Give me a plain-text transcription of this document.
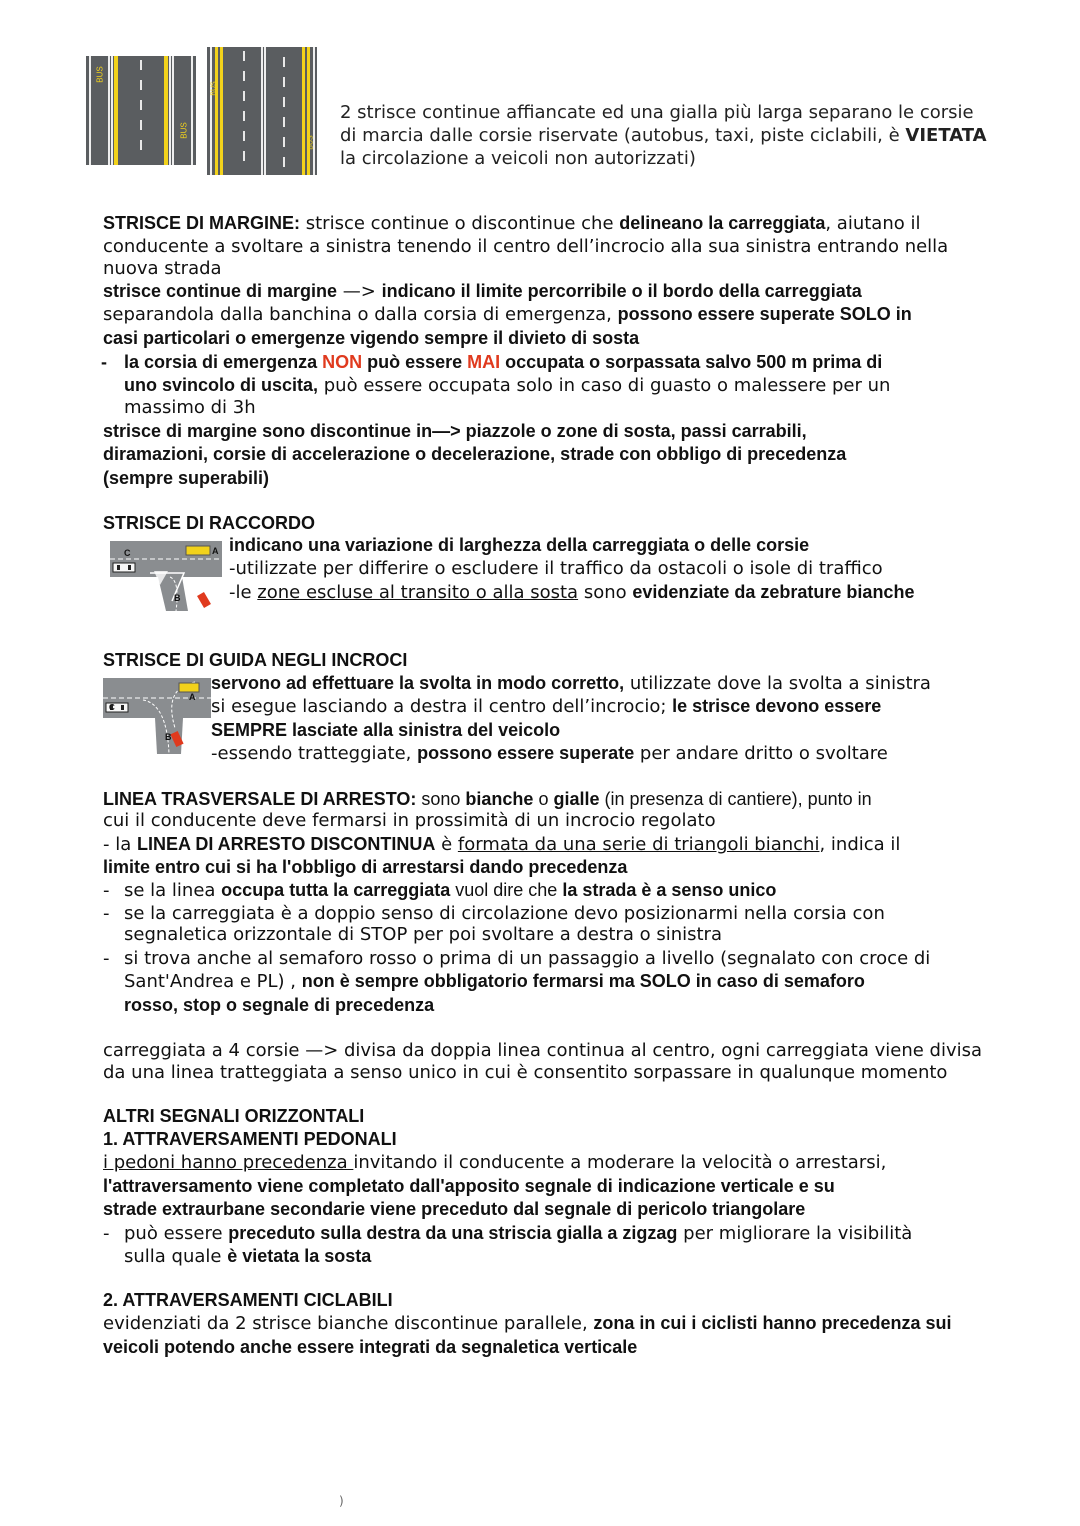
BUS
BUS
BUS
BUS
2 strisce continue affiancate ed una gialla più larga separano le corsie
di marcia dalle corsie riservate (autobus, taxi, piste ciclabili, è VIETATA
la circolazione a veicoli non autorizzati)
STRISCE DI MARGINE: strisce continue o discontinue che delineano la carreggiata, aiutano il
conducente a svoltare a sinistra tenendo il centro dell’incrocio alla sua sinistra entrando nella
nuova strada
strisce continue di margine —> indicano il limite percorribile o il bordo della carreggiata
separandola dalla banchina o dalla corsia di emergenza, possono essere superate SOLO in
casi particolari o emergenze vigendo sempre il divieto di sosta
- la corsia di emergenza NON può essere MAI occupata o sorpassata salvo 500 m prima di
uno svincolo di uscita, può essere occupata solo in caso di guasto o malessere per un
massimo di 3h
strisce di margine sono discontinue in—> piazzole o zone di sosta, passi carrabili,
diramazioni, corsie di accelerazione o decelerazione, strade con obbligo di precedenza
(sempre superabili)
STRISCE DI RACCORDO
C	A
B
indicano una variazione di larghezza della carreggiata o delle corsie
-utilizzate per differire o escludere il traffico da ostacoli o isole di traffico
-le zone escluse al transito o alla sosta sono evidenziate da zebrature bianche
STRISCE DI GUIDA NEGLI INCROCI
C
A
B
servono ad effettuare la svolta in modo corretto, utilizzate dove la svolta a sinistra
si esegue lasciando a destra il centro dell’incrocio; le strisce devono essere
SEMPRE lasciate alla sinistra del veicolo
-essendo tratteggiate, possono essere superate per andare dritto o svoltare
LINEA TRASVERSALE DI ARRESTO: sono bianche o gialle (in presenza di cantiere), punto in
cui il conducente deve fermarsi in prossimità di un incrocio regolato
- la LINEA DI ARRESTO DISCONTINUA è formata da una serie di triangoli bianchi, indica il
limite entro cui si ha l'obbligo di arrestarsi dando precedenza
- se la linea occupa tutta la carreggiata vuol dire che la strada è a senso unico
- se la carreggiata è a doppio senso di circolazione devo posizionarmi nella corsia con
segnaletica orizzontale di STOP per poi svoltare a destra o sinistra
- si trova anche al semaforo rosso o prima di un passaggio a livello (segnalato con croce di
Sant'Andrea e PL) , non è sempre obbligatorio fermarsi ma SOLO in caso di semaforo
rosso, stop o segnale di precedenza
carreggiata a 4 corsie —> divisa da doppia linea continua al centro, ogni carreggiata viene divisa
da una linea tratteggiata a senso unico in cui è consentito sorpassare in qualunque momento
ALTRI SEGNALI ORIZZONTALI
1. ATTRAVERSAMENTI PEDONALI
i pedoni hanno precedenza invitando il conducente a moderare la velocità o arrestarsi,
l'attraversamento viene completato dall'apposito segnale di indicazione verticale e su
strade extraurbane secondarie viene preceduto dal segnale di pericolo triangolare
- può essere preceduto sulla destra da una striscia gialla a zigzag per migliorare la visibilità
sulla quale è vietata la sosta
2. ATTRAVERSAMENTI CICLABILI
evidenziati da 2 strisce bianche discontinue parallele, zona in cui i ciclisti hanno precedenza sui
veicoli potendo anche essere integrati da segnaletica verticale
)
